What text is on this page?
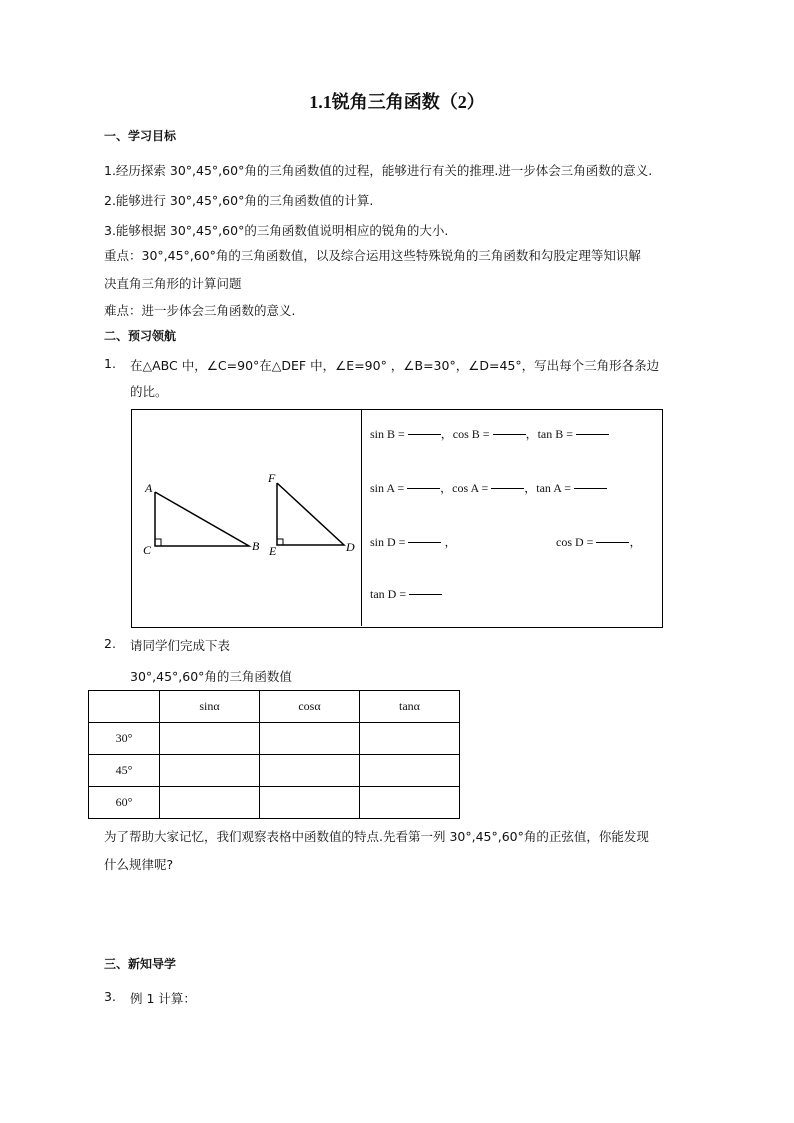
1.1锐角三角函数（2）
一、学习目标
1.经历探索 30°,45°,60°角的三角函数值的过程，能够进行有关的推理.进一步体会三角函数的意义.
2.能够进行 30°,45°,60°角的三角函数值的计算.
3.能够根据 30°,45°,60°的三角函数值说明相应的锐角的大小.
重点：30°,45°,60°角的三角函数值，以及综合运用这些特殊锐角的三角函数和勾股定理等知识解
决直角三角形的计算问题
难点：进一步体会三角函数的意义.
二、预习领航
1. 在△ABC 中，∠C=90°在△DEF 中，∠E=90° ，∠B=30°，∠D=45°，写出每个三角形各条边
的比。
A
B
C	D
E
F
sin B =	，cos B =	，tan B =
sin A =	，cos A =	，tan A =
sin D =	，	cos D =	，
tan D =
2. 请同学们完成下表
30°,45°,60°角的三角函数值
	sinα	cosα	tanα
30°			
45°			
60°			
为了帮助大家记忆，我们观察表格中函数值的特点.先看第一列 30°,45°,60°角的正弦值，你能发现
什么规律呢?
三、新知导学
3. 例 1 计算：
